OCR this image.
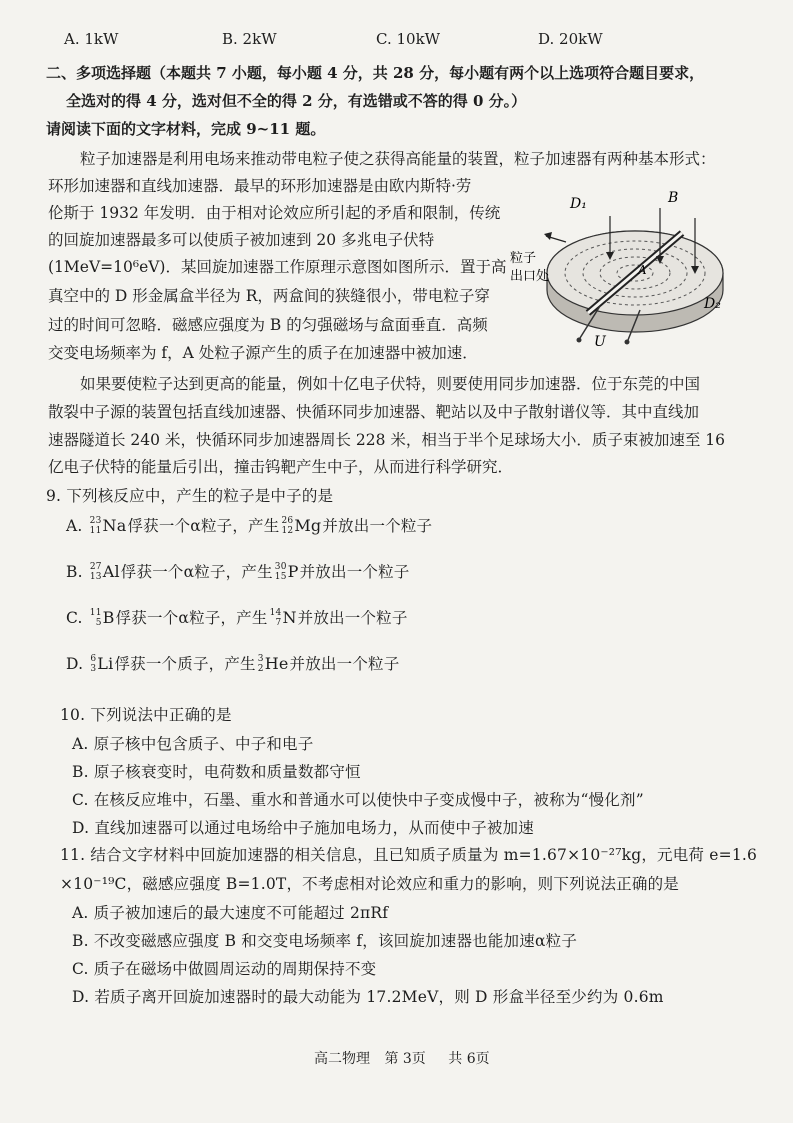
A. 1kW	B. 2kW	C. 10kW	D. 20kW
二、多项选择题（本题共 7 小题，每小题 4 分，共 28 分，每小题有两个以上选项符合题目要求，
全选对的得 4 分，选对但不全的得 2 分，有选错或不答的得 0 分。）
请阅读下面的文字材料，完成 9~11 题。
粒子加速器是利用电场来推动带电粒子使之获得高能量的装置，粒子加速器有两种基本形式：
环形加速器和直线加速器．最早的环形加速器是由欧内斯特·劳
伦斯于 1932 年发明．由于相对论效应所引起的矛盾和限制，传统
的回旋加速器最多可以使质子被加速到 20 多兆电子伏特
(1MeV=10⁶eV)．某回旋加速器工作原理示意图如图所示．置于高
真空中的 D 形金属盒半径为 R，两盒间的狭缝很小，带电粒子穿
过的时间可忽略．磁感应强度为 B 的匀强磁场与盒面垂直．高频
交变电场频率为 f，A 处粒子源产生的质子在加速器中被加速．
如果要使粒子达到更高的能量，例如十亿电子伏特，则要使用同步加速器．位于东莞的中国
散裂中子源的装置包括直线加速器、快循环同步加速器、靶站以及中子散射谱仪等．其中直线加
速器隧道长 240 米，快循环同步加速器周长 228 米，相当于半个足球场大小．质子束被加速至 16
亿电子伏特的能量后引出，撞击钨靶产生中子，从而进行科学研究．
D₁	B
A
D₂
U
粒子
出口处
9. 下列核反应中，产生的粒子是中子的是
A. 23
11 Na俘获一个α粒子，产生 26
12 Mg并放出一个粒子
B. 27
13 Al俘获一个α粒子，产生 30
15 P并放出一个粒子
C. 11
5 B俘获一个α粒子，产生 14
7 N并放出一个粒子
D. 6
3 Li俘获一个质子，产生 3
2 He并放出一个粒子
10. 下列说法中正确的是
A. 原子核中包含质子、中子和电子
B. 原子核衰变时，电荷数和质量数都守恒
C. 在核反应堆中，石墨、重水和普通水可以使快中子变成慢中子，被称为“慢化剂”
D. 直线加速器可以通过电场给中子施加电场力，从而使中子被加速
11. 结合文字材料中回旋加速器的相关信息，且已知质子质量为 m=1.67×10⁻²⁷kg，元电荷 e=1.6
×10⁻¹⁹C，磁感应强度 B=1.0T，不考虑相对论效应和重力的影响，则下列说法正确的是
A. 质子被加速后的最大速度不可能超过 2πRf
B. 不改变磁感应强度 B 和交变电场频率 f，该回旋加速器也能加速α粒子
C. 质子在磁场中做圆周运动的周期保持不变
D. 若质子离开回旋加速器时的最大动能为 17.2MeV，则 D 形盒半径至少约为 0.6m
高二物理 第 3页 共 6页
